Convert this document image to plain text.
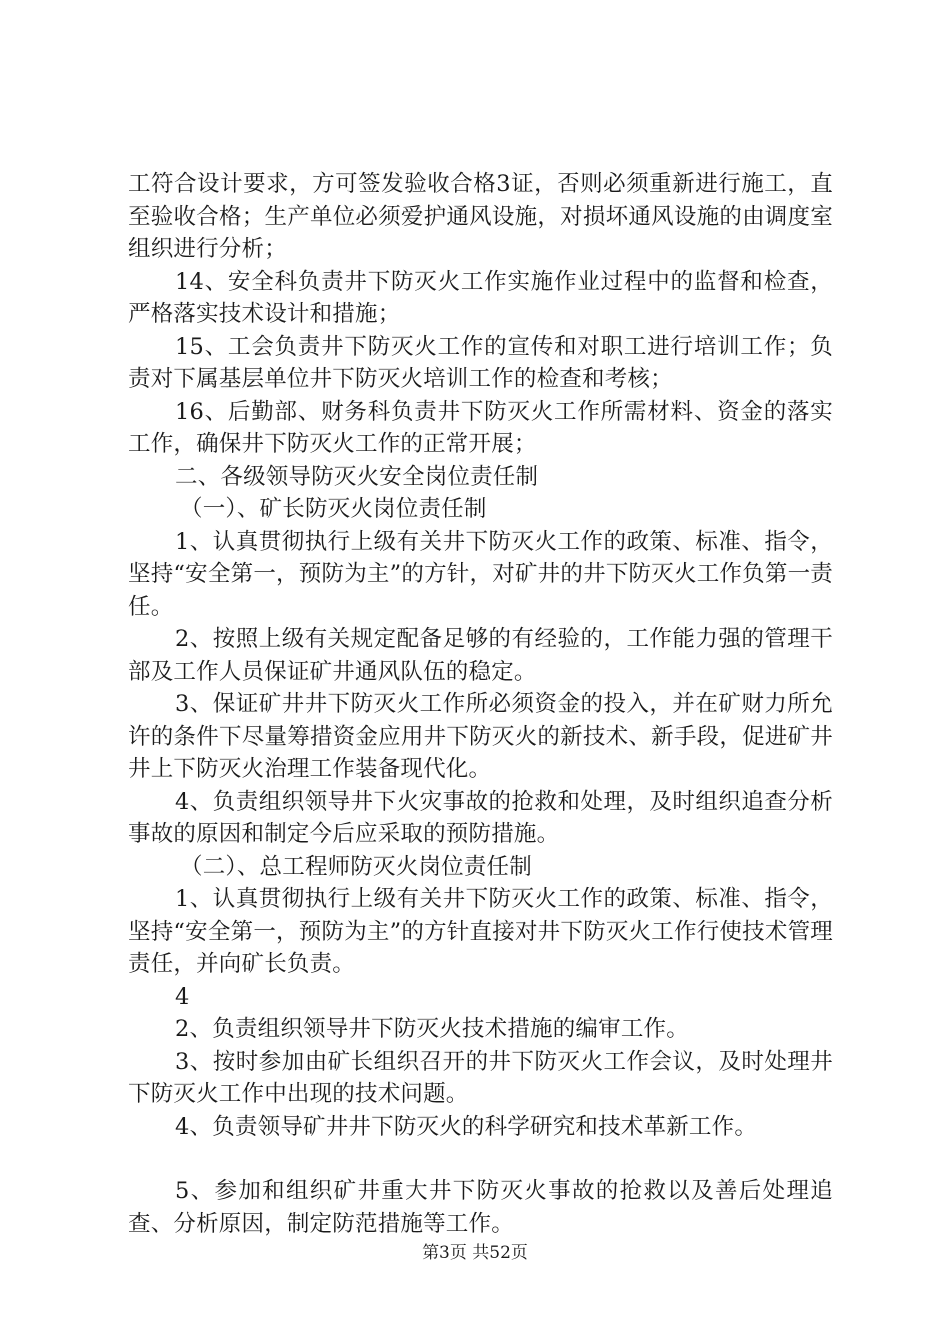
工符合设计要求，方可签发验收合格3证，否则必须重新进行施工，直至验收合格；生产单位必须爱护通风设施，对损坏通风设施的由调度室组织进行分析；

14、安全科负责井下防灭火工作实施作业过程中的监督和检查，严格落实技术设计和措施；

15、工会负责井下防灭火工作的宣传和对职工进行培训工作；负责对下属基层单位井下防灭火培训工作的检查和考核；

16、后勤部、财务科负责井下防灭火工作所需材料、资金的落实工作，确保井下防灭火工作的正常开展；

二、各级领导防灭火安全岗位责任制

（一）、矿长防灭火岗位责任制

1、认真贯彻执行上级有关井下防灭火工作的政策、标准、指令，坚持“安全第一，预防为主”的方针，对矿井的井下防灭火工作负第一责任。

2、按照上级有关规定配备足够的有经验的，工作能力强的管理干部及工作人员保证矿井通风队伍的稳定。

3、保证矿井井下防灭火工作所必须资金的投入，并在矿财力所允许的条件下尽量筹措资金应用井下防灭火的新技术、新手段，促进矿井井上下防灭火治理工作装备现代化。

4、负责组织领导井下火灾事故的抢救和处理，及时组织追查分析事故的原因和制定今后应采取的预防措施。

（二）、总工程师防灭火岗位责任制

1、认真贯彻执行上级有关井下防灭火工作的政策、标准、指令，坚持“安全第一，预防为主”的方针直接对井下防灭火工作行使技术管理责任，并向矿长负责。

4

2、负责组织领导井下防灭火技术措施的编审工作。

3、按时参加由矿长组织召开的井下防灭火工作会议，及时处理井下防灭火工作中出现的技术问题。

4、负责领导矿井井下防灭火的科学研究和技术革新工作。

5、参加和组织矿井重大井下防灭火事故的抢救以及善后处理追查、分析原因，制定防范措施等工作。

第3页 共52页
